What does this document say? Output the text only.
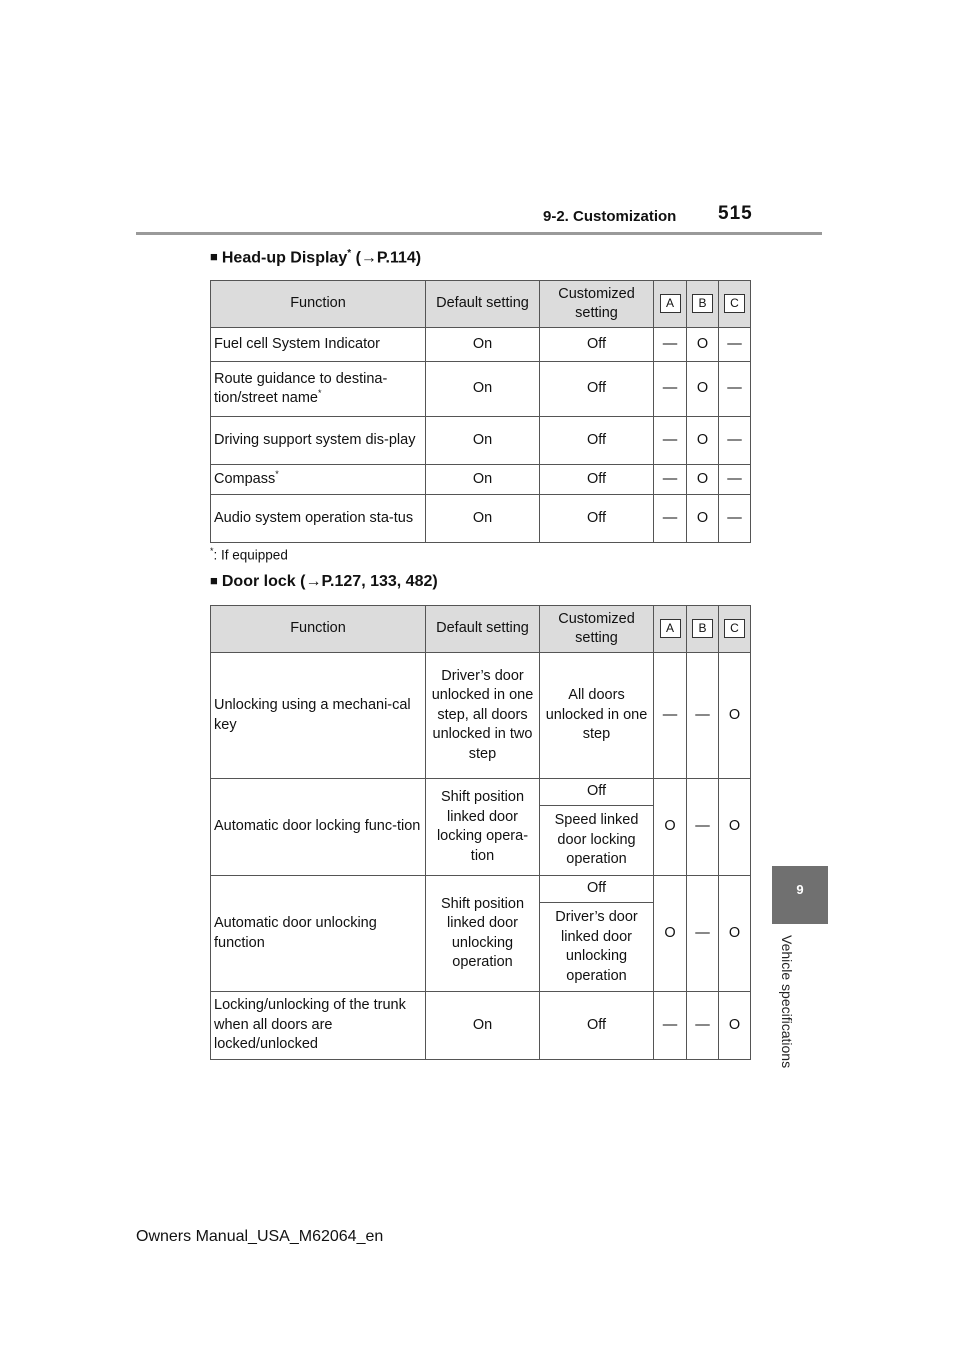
9-2. Customization 515
9
Vehicle specifications
■ Head-up Display* (→P.114)
Function	Default setting	Customized setting	A	B	C
Fuel cell System Indicator	On	Off	—	O	—
Route guidance to destina-tion/street name*	On	Off	—	O	—
Driving support system dis-play	On	Off	—	O	—
Compass*	On	Off	—	O	—
Audio system operation sta-tus	On	Off	—	O	—
*: If equipped
■ Door lock (→P.127, 133, 482)
Function	Default setting	Customized setting	A	B	C
Unlocking using a mechani-cal key	Driver’s door unlocked in one step, all doors unlocked in two step	All doors unlocked in one step	—	—	O
Automatic door locking func-tion	Shift position linked door locking opera-tion	Off	O	—	O
		Speed linked door locking operation			
Automatic door unlocking function	Shift position linked door unlocking operation	Off	O	—	O
		Driver’s door linked door unlocking operation			
Locking/unlocking of the trunk when all doors are locked/unlocked	On	Off	—	—	O
Owners Manual_USA_M62064_en
